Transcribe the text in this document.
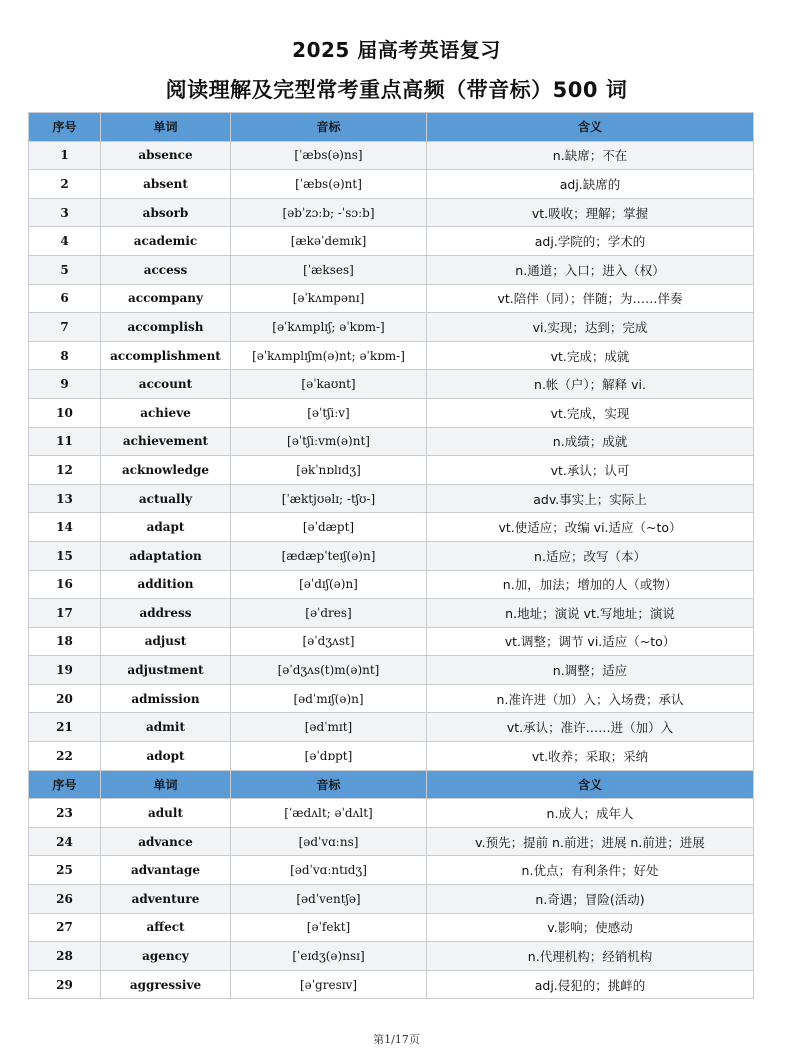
2025 届高考英语复习
阅读理解及完型常考重点高频（带音标）500 词
序号	单词	音标	含义
1	absence	[ˈæbs(ə)ns]	n.缺席；不在
2	absent	[ˈæbs(ə)nt]	adj.缺席的
3	absorb	[əbˈzɔːb; -ˈsɔːb]	vt.吸收；理解；掌握
4	academic	[ækəˈdemɪk]	adj.学院的；学术的
5	access	[ˈækses]	n.通道；入口；进入（权）
6	accompany	[əˈkʌmpənɪ]	vt.陪伴（同）；伴随；为……伴奏
7	accomplish	[əˈkʌmplɪʃ; əˈkɒm-]	vi.实现；达到；完成
8	accomplishment	[əˈkʌmplɪʃm(ə)nt; əˈkɒm-]	vt.完成；成就
9	account	[əˈkaʊnt]	n.帐（户）；解释 vi.
10	achieve	[əˈtʃiːv]	vt.完成，实现
11	achievement	[əˈtʃiːvm(ə)nt]	n.成绩；成就
12	acknowledge	[əkˈnɒlɪdʒ]	vt.承认；认可
13	actually	[ˈæktjʊəlɪ; -tʃʊ-]	adv.事实上；实际上
14	adapt	[əˈdæpt]	vt.使适应；改编 vi.适应（~to）
15	adaptation	[ædæpˈteɪʃ(ə)n]	n.适应；改写（本）
16	addition	[əˈdɪʃ(ə)n]	n.加，加法；增加的人（或物）
17	address	[əˈdres]	n.地址；演说 vt.写地址；演说
18	adjust	[əˈdʒʌst]	vt.调整；调节 vi.适应（~to）
19	adjustment	[əˈdʒʌs(t)m(ə)nt]	n.调整；适应
20	admission	[ədˈmɪʃ(ə)n]	n.准许进（加）入；入场费；承认
21	admit	[ədˈmɪt]	vt.承认；准许……进（加）入
22	adopt	[əˈdɒpt]	vt.收养；采取；采纳
序号	单词	音标	含义
23	adult	[ˈædʌlt; əˈdʌlt]	n.成人；成年人
24	advance	[ədˈvɑːns]	v.预先；提前 n.前进；进展 n.前进；进展
25	advantage	[ədˈvɑːntɪdʒ]	n.优点；有利条件；好处
26	adventure	[ədˈventʃə]	n.奇遇；冒险(活动)
27	affect	[əˈfekt]	v.影响；使感动
28	agency	[ˈeɪdʒ(ə)nsɪ]	n.代理机构；经销机构
29	aggressive	[əˈgresɪv]	adj.侵犯的；挑衅的
第1/17页
